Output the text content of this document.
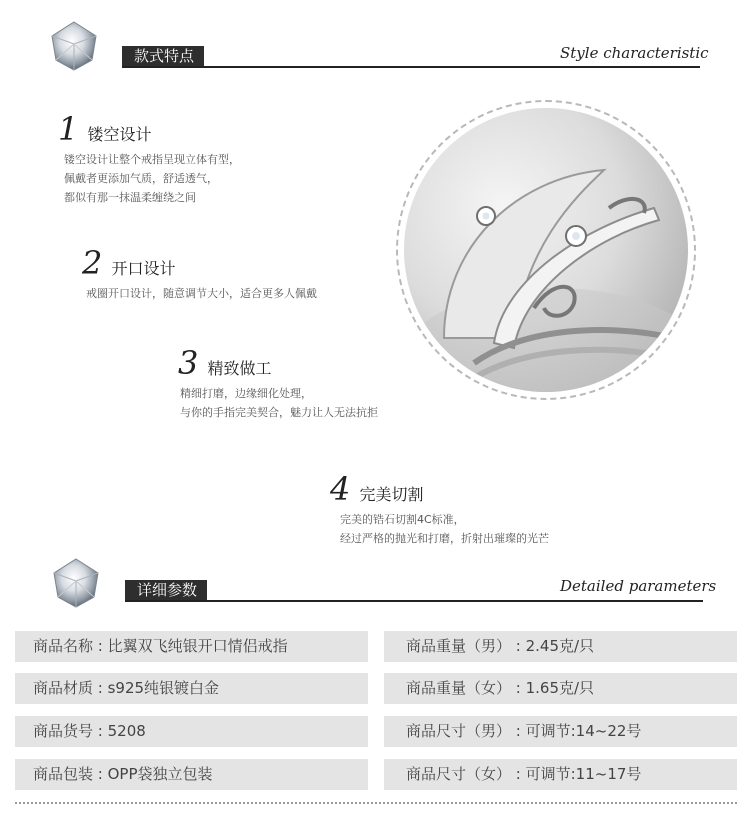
款式特点	Style characteristic
1 镂空设计
镂空设计让整个戒指呈现立体有型，
佩戴者更添加气质，舒适透气，
都似有那一抹温柔缠绕之间
2 开口设计
戒圈开口设计，随意调节大小，适合更多人佩戴
3 精致做工
精细打磨，边缘细化处理，
与你的手指完美契合，魅力让人无法抗拒
4 完美切割
完美的锆石切割4C标准，
经过严格的抛光和打磨，折射出璀璨的光芒
详细参数	Detailed parameters
商品名称 : 比翼双飞纯银开口情侣戒指
商品材质 : s925纯银镀白金
商品货号 : 5208
商品包装 : OPP袋独立包装
商品重量（男） : 2.45克/只
商品重量（女） : 1.65克/只
商品尺寸（男） : 可调节:14~22号
商品尺寸（女） : 可调节:11~17号
